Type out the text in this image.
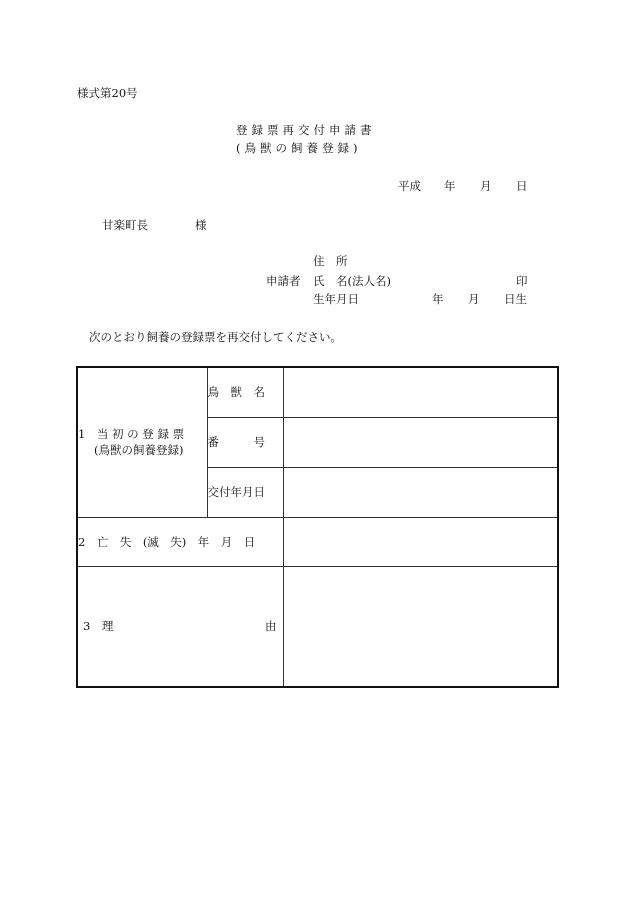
様式第20号
登録票再交付申請書
(鳥獣の飼養登録)
平成 年 月 日
甘楽町長	様
住　所
申請者 氏　名(法人名)	印
生年月日	年 月 日生
次のとおり飼養の登録票を再交付してください。
1　当 初 の 登 録 票
(鳥獣の飼養登録)	鳥　獣　名	
	番　　　号	
	交付年月日	
2　亡　失　(滅　失)　年　月　日		

3　理 由		
